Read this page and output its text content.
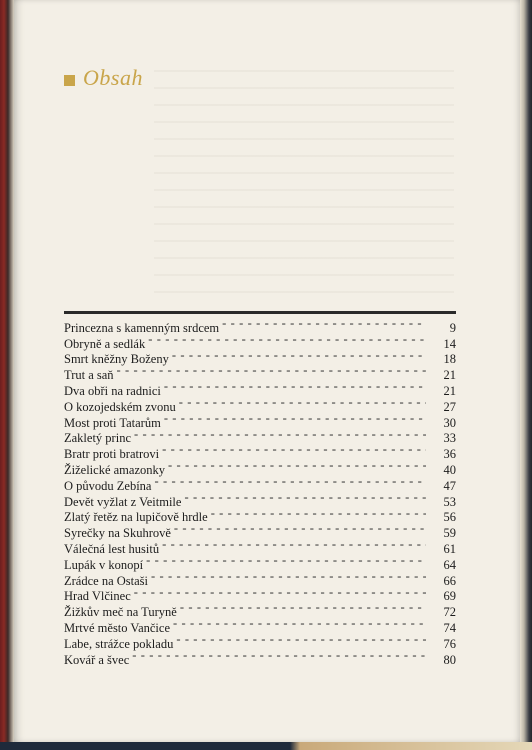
Obsah
Princezna s kamenným srdcem - - -	9
Obryně a sedlák - - -	14
Smrt kněžny Boženy - - -	18
Trut a saň - - -	21
Dva obři na radnici - - -	21
O kozojedském zvonu - - -	27
Most proti Tatarům - - -	30
Zakletý princ - - -	33
Bratr proti bratrovi - - -	36
Žiželické amazonky - - -	40
O původu Zebína - - -	47
Devět vyžlat z Veitmile - - -	53
Zlatý řetěz na lupičově hrdle - - -	56
Syrečky na Skuhrově - - -	59
Válečná lest husitů - - -	61
Lupák v konopí - - -	64
Zrádce na Ostaši - - -	66
Hrad Vlčinec - - -	69
Žižkův meč na Turyně - - -	72
Mrtvé město Vančice - - -	74
Labe, strážce pokladu - - -	76
Kovář a švec - - -	80
